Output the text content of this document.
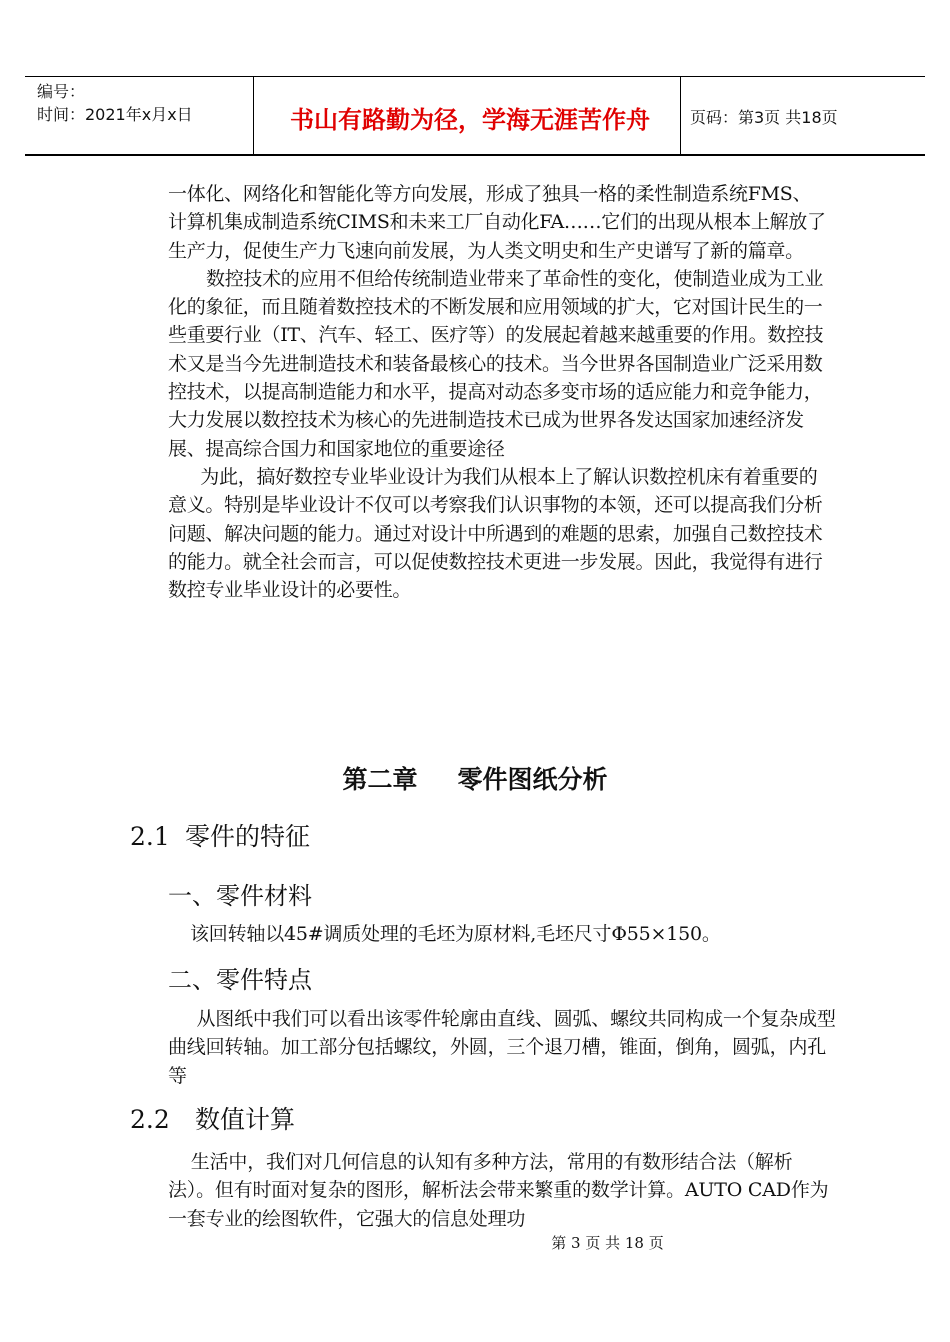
编号：
时间：2021年x月x日	书山有路勤为径，学海无涯苦作舟	页码：第3页 共18页

一体化、网络化和智能化等方向发展，形成了独具一格的柔性制造系统FMS、计算机集成制造系统CIMS和未来工厂自动化FA……它们的出现从根本上解放了生产力，促使生产力飞速向前发展，为人类文明史和生产史谱写了新的篇章。

数控技术的应用不但给传统制造业带来了革命性的变化，使制造业成为工业化的象征，而且随着数控技术的不断发展和应用领域的扩大，它对国计民生的一些重要行业（IT、汽车、轻工、医疗等）的发展起着越来越重要的作用。数控技术又是当今先进制造技术和装备最核心的技术。当今世界各国制造业广泛采用数控技术，以提高制造能力和水平，提高对动态多变市场的适应能力和竞争能力，大力发展以数控技术为核心的先进制造技术已成为世界各发达国家加速经济发展、提高综合国力和国家地位的重要途径

为此，搞好数控专业毕业设计为我们从根本上了解认识数控机床有着重要的意义。特别是毕业设计不仅可以考察我们认识事物的本领，还可以提高我们分析问题、解决问题的能力。通过对设计中所遇到的难题的思索，加强自己数控技术的能力。就全社会而言，可以促使数控技术更进一步发展。因此，我觉得有进行数控专业毕业设计的必要性。

第二章 零件图纸分析
2.1 零件的特征
一、零件材料

该回转轴以45#调质处理的毛坯为原材料,毛坯尺寸Φ55×150。

二、零件特点

从图纸中我们可以看出该零件轮廓由直线、圆弧、螺纹共同构成一个复杂成型曲线回转轴。加工部分包括螺纹，外圆，三个退刀槽，锥面，倒角，圆弧，内孔等

2.2 数值计算

生活中，我们对几何信息的认知有多种方法，常用的有数形结合法（解析法）。但有时面对复杂的图形，解析法会带来繁重的数学计算。AUTO CAD作为一套专业的绘图软件，它强大的信息处理功

第 3 页 共 18 页
